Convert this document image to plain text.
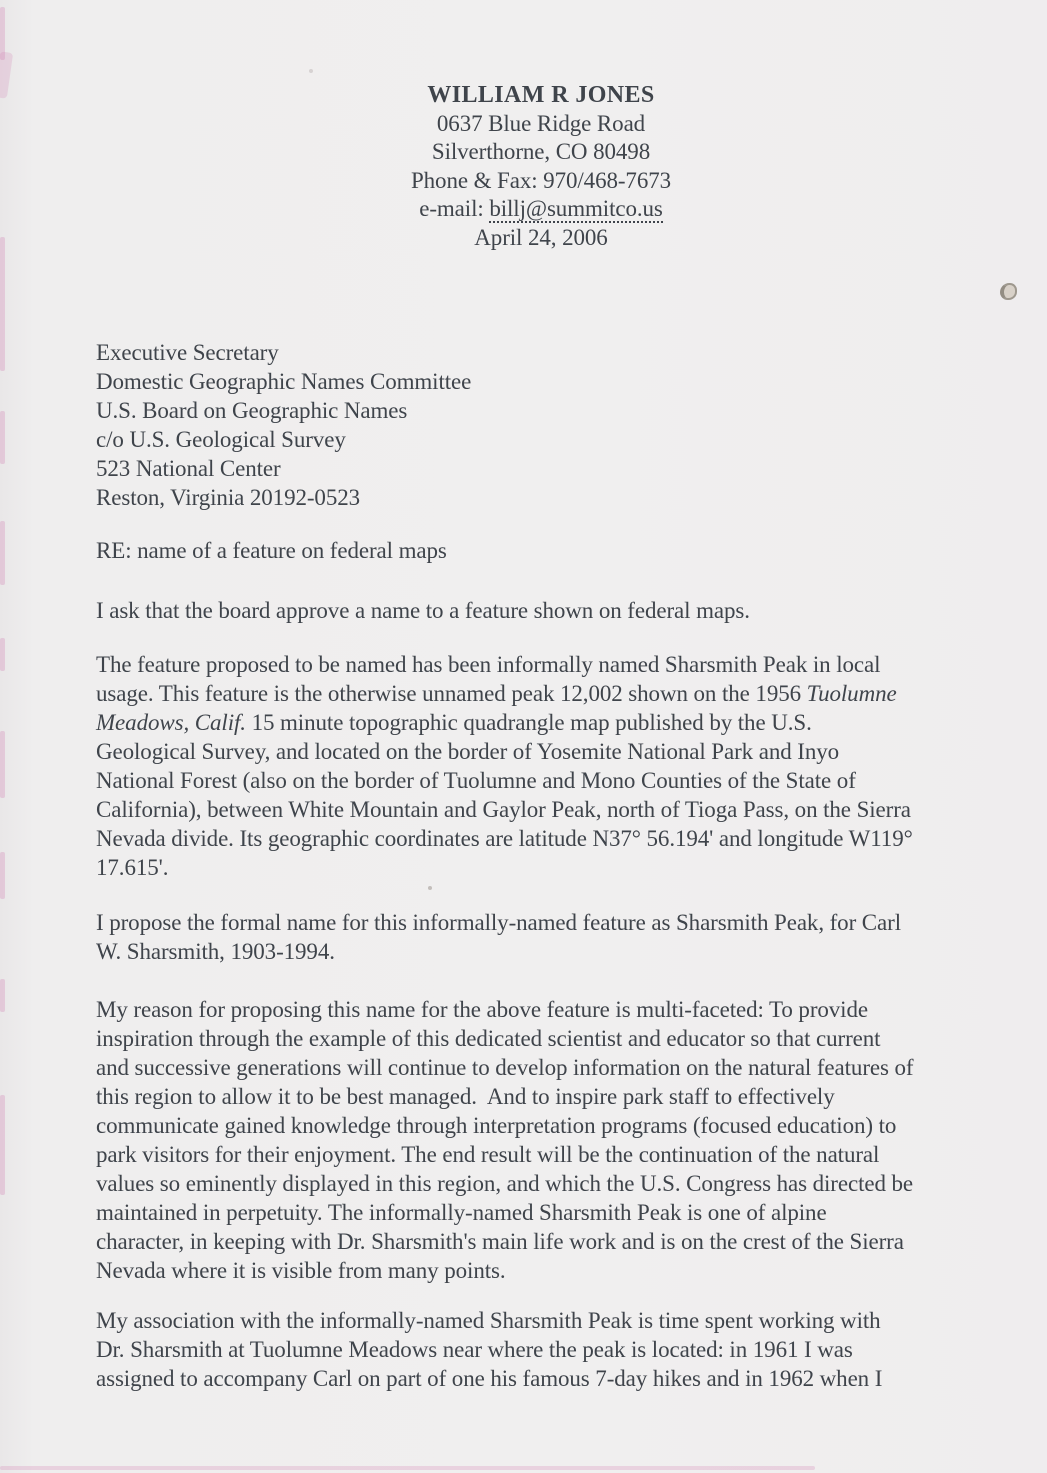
WILLIAM R JONES
0637 Blue Ridge Road
Silverthorne, CO 80498
Phone & Fax: 970/468-7673
e-mail: billj@summitco.us
April 24, 2006
Executive Secretary
Domestic Geographic Names Committee
U.S. Board on Geographic Names
c/o U.S. Geological Survey
523 National Center
Reston, Virginia 20192-0523
RE: name of a feature on federal maps
I ask that the board approve a name to a feature shown on federal maps.
The feature proposed to be named has been informally named Sharsmith Peak in local
usage. This feature is the otherwise unnamed peak 12,002 shown on the 1956 Tuolumne
Meadows, Calif. 15 minute topographic quadrangle map published by the U.S.
Geological Survey, and located on the border of Yosemite National Park and Inyo
National Forest (also on the border of Tuolumne and Mono Counties of the State of
California), between White Mountain and Gaylor Peak, north of Tioga Pass, on the Sierra
Nevada divide. Its geographic coordinates are latitude N37° 56.194' and longitude W119°
17.615'.
I propose the formal name for this informally-named feature as Sharsmith Peak, for Carl
W. Sharsmith, 1903-1994.
My reason for proposing this name for the above feature is multi-faceted: To provide
inspiration through the example of this dedicated scientist and educator so that current
and successive generations will continue to develop information on the natural features of
this region to allow it to be best managed.  And to inspire park staff to effectively
communicate gained knowledge through interpretation programs (focused education) to
park visitors for their enjoyment. The end result will be the continuation of the natural
values so eminently displayed in this region, and which the U.S. Congress has directed be
maintained in perpetuity. The informally-named Sharsmith Peak is one of alpine
character, in keeping with Dr. Sharsmith's main life work and is on the crest of the Sierra
Nevada where it is visible from many points.
My association with the informally-named Sharsmith Peak is time spent working with
Dr. Sharsmith at Tuolumne Meadows near where the peak is located: in 1961 I was
assigned to accompany Carl on part of one his famous 7-day hikes and in 1962 when I
